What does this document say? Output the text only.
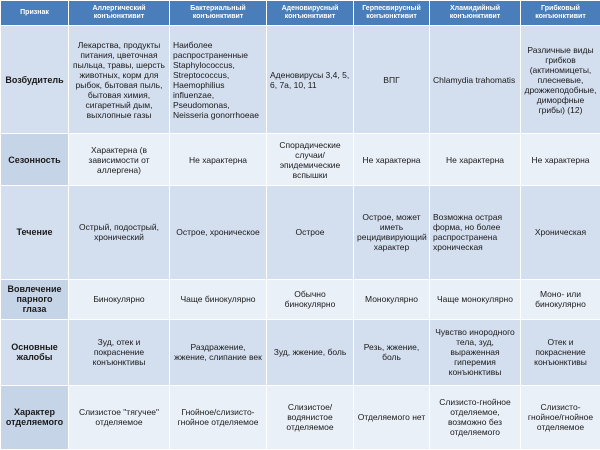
Признак	Аллергический конъюнктивит	Бактериальный конъюнктивит	Аденовирусный конъюнктивит	Герпесвирусный конъюнктивит	Хламидийный конъюнктивит	Грибковый конъюнктивит
Возбудитель	Лекарства, продукты питания, цветочная пыльца, травы, шерсть животных, корм для рыбок, бытовая пыль, бытовая химия, сигаретный дым, выхлопные газы	Наиболее распространенные Staphylococcus, Streptococcus, Haemophilius influenzae, Pseudomonas, Neisseria gonorrhoeae	Аденовирусы 3,4, 5, 6, 7а, 10, 11	ВПГ	Chlamydia trahomatis	Различные виды грибков (актиномицеты, плесневые, дрожжеподобные, диморфные грибы) (12)
Сезонность	Характерна (в зависимости от аллергена)	Не характерна	Спорадические случаи/эпидемические вспышки	Не характерна	Не характерна	Не характерна
Течение	Острый, подострый, хронический	Острое, хроническое	Острое	Острое, может иметь рецидивирующий характер	Возможна острая форма, но более распространена хроническая	Хроническая
Вовлечение парного глаза	Бинокулярно	Чаще бинокулярно	Обычно бинокулярно	Монокулярно	Чаще монокулярно	Моно- или бинокулярно
Основные жалобы	Зуд, отек и покраснение конъюнктивы	Раздражение, жжение, слипание век	Зуд, жжение, боль	Резь, жжение, боль	Чувство инородного тела, зуд, выраженная гиперемия конъюнктивы	Отек и покраснение конъюнктивы
Характер отделяемого	Слизистое "тягучее" отделяемое	Гнойное/слизисто-гнойное отделяемое	Слизистое/водянистое отделяемое	Отделяемого нет	Слизисто-гнойное отделяемое, возможно без отделяемого	Слизисто-гнойное/гнойное отделяемое
